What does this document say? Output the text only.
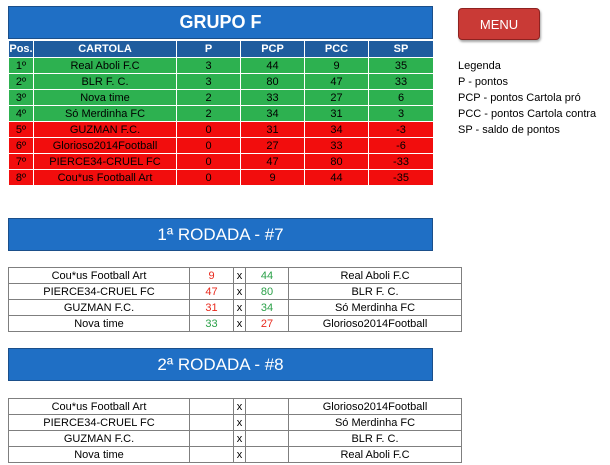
GRUPO F	MENU
Pos.	CARTOLA	P	PCP	PCC	SP
1º	Real Aboli F.C	3	44	9	35
2º	BLR F. C.	3	80	47	33
3º	Nova time	2	33	27	6
4º	Só Merdinha FC	2	34	31	3
5º	GUZMAN F.C.	0	31	34	-3
6º	Glorioso2014Football	0	27	33	-6
7º	PIERCE34-CRUEL FC	0	47	80	-33
8º	Cou*us Football Art	0	9	44	-35
Legenda
P - pontos
PCP - pontos Cartola pró
PCC - pontos Cartola contra
SP - saldo de pontos
1ª RODADA - #7
Cou*us Football Art	9	x	44	Real Aboli F.C
PIERCE34-CRUEL FC	47	x	80	BLR F. C.
GUZMAN F.C.	31	x	34	Só Merdinha FC
Nova time	33	x	27	Glorioso2014Football
2ª RODADA - #8
Cou*us Football Art		x		Glorioso2014Football
PIERCE34-CRUEL FC		x		Só Merdinha FC
GUZMAN F.C.		x		BLR F. C.
Nova time		x		Real Aboli F.C
